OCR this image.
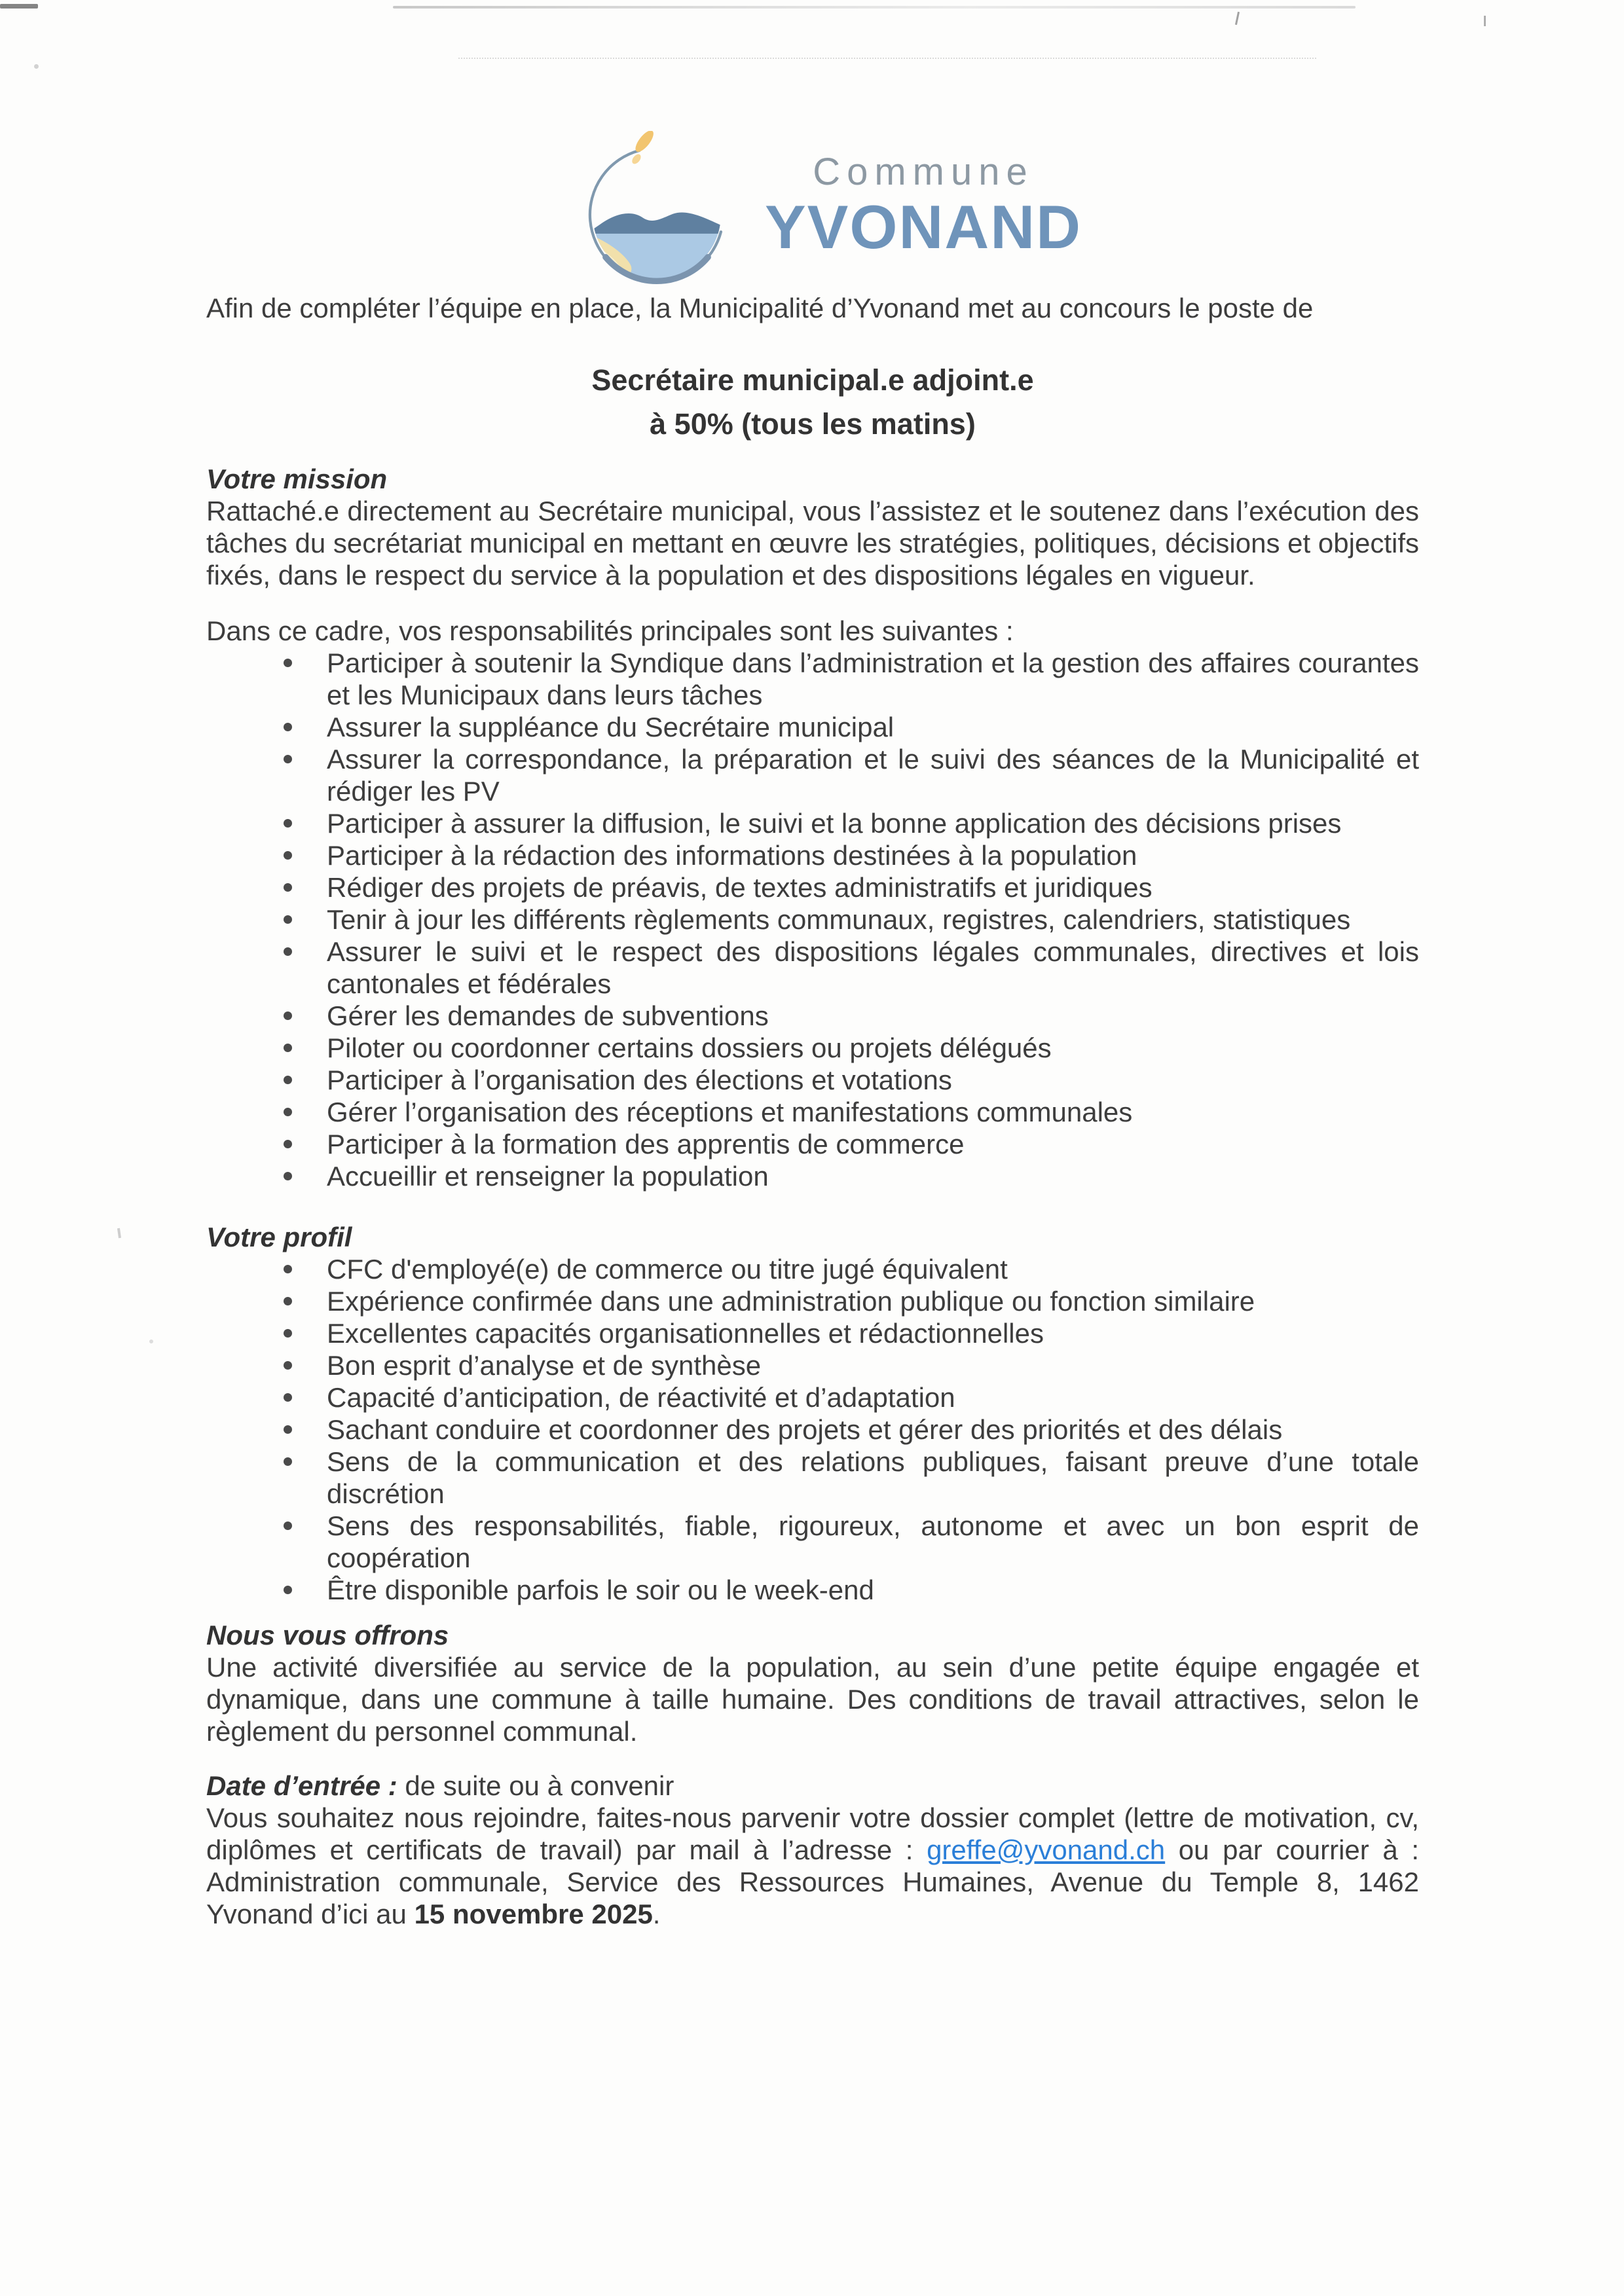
Commune
YVONAND

Afin de compléter l’équipe en place, la Municipalité d’Yvonand met au concours le poste de

Secrétaire municipal.e adjoint.e
à 50% (tous les matins)
Votre mission

Rattaché.e directement au Secrétaire municipal, vous l’assistez et le soutenez dans l’exécution des tâches du secrétariat municipal en mettant en œuvre les stratégies, politiques, décisions et objectifs fixés, dans le respect du service à la population et des dispositions légales en vigueur.

Dans ce cadre, vos responsabilités principales sont les suivantes :

Participer à soutenir la Syndique dans l’administration et la gestion des affaires courantes et les Municipaux dans leurs tâches
Assurer la suppléance du Secrétaire municipal
Assurer la correspondance, la préparation et le suivi des séances de la Municipalité et rédiger les PV
Participer à assurer la diffusion, le suivi et la bonne application des décisions prises
Participer à la rédaction des informations destinées à la population
Rédiger des projets de préavis, de textes administratifs et juridiques
Tenir à jour les différents règlements communaux, registres, calendriers, statistiques
Assurer le suivi et le respect des dispositions légales communales, directives et lois cantonales et fédérales
Gérer les demandes de subventions
Piloter ou coordonner certains dossiers ou projets délégués
Participer à l’organisation des élections et votations
Gérer l’organisation des réceptions et manifestations communales
Participer à la formation des apprentis de commerce
Accueillir et renseigner la population
Votre profil
CFC d'employé(e) de commerce ou titre jugé équivalent
Expérience confirmée dans une administration publique ou fonction similaire
Excellentes capacités organisationnelles et rédactionnelles
Bon esprit d’analyse et de synthèse
Capacité d’anticipation, de réactivité et d’adaptation
Sachant conduire et coordonner des projets et gérer des priorités et des délais
Sens de la communication et des relations publiques, faisant preuve d’une totale discrétion
Sens des responsabilités, fiable, rigoureux, autonome et avec un bon esprit de coopération
Être disponible parfois le soir ou le week-end
Nous vous offrons

Une activité diversifiée au service de la population, au sein d’une petite équipe engagée et dynamique, dans une commune à taille humaine. Des conditions de travail attractives, selon le règlement du personnel communal.

Date d’entrée : de suite ou à convenir

Vous souhaitez nous rejoindre, faites-nous parvenir votre dossier complet (lettre de motivation, cv, diplômes et certificats de travail) par mail à l’adresse : greffe@yvonand.ch ou par courrier à : Administration communale, Service des Ressources Humaines, Avenue du Temple 8, 1462 Yvonand d’ici au 15 novembre 2025.
